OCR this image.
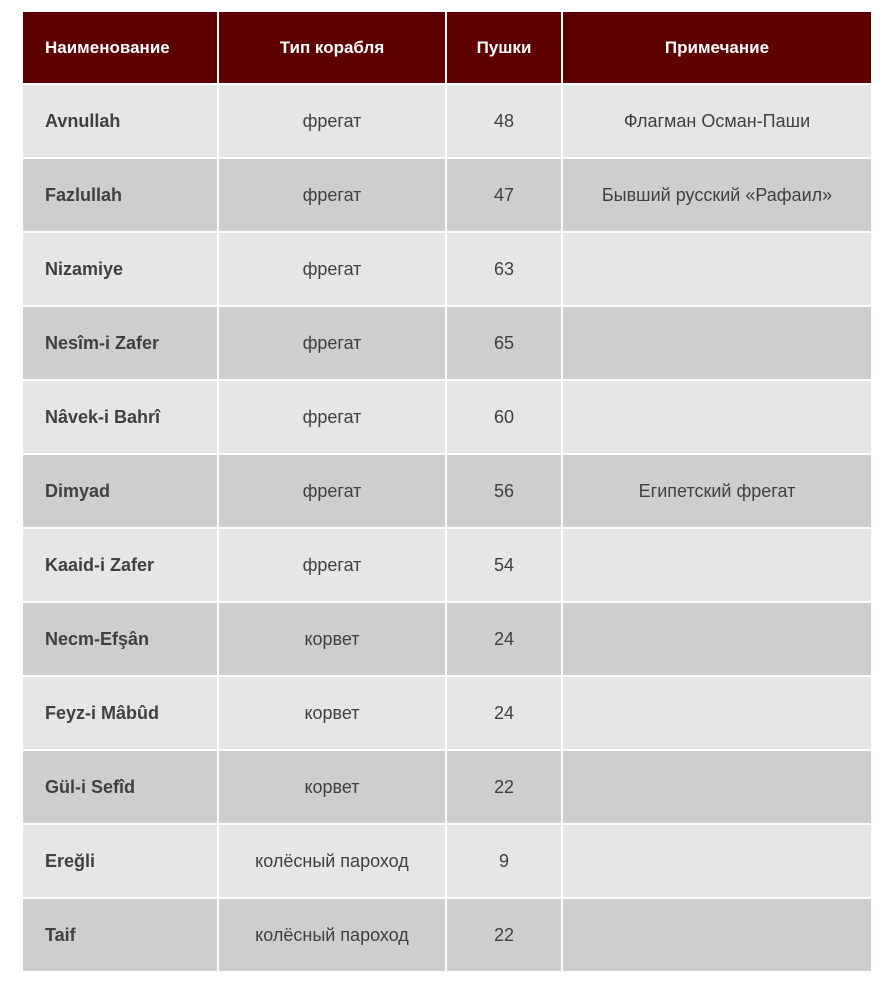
Наименование	Тип корабля	Пушки	Примечание
Avnullah	фрегат	48	Флагман Осман-Паши
Fazlullah	фрегат	47	Бывший русский «Рафаил»
Nizamiye	фрегат	63
Nesîm-i Zafer	фрегат	65
Nâvek-i Bahrî	фрегат	60
Dimyad	фрегат	56	Египетский фрегат
Kaaid-i Zafer	фрегат	54
Necm-Efşân	корвет	24
Feyz-i Mâbûd	корвет	24
Gül-i Sefîd	корвет	22
Ereğli	колёсный пароход	9
Taif	колёсный пароход	22
